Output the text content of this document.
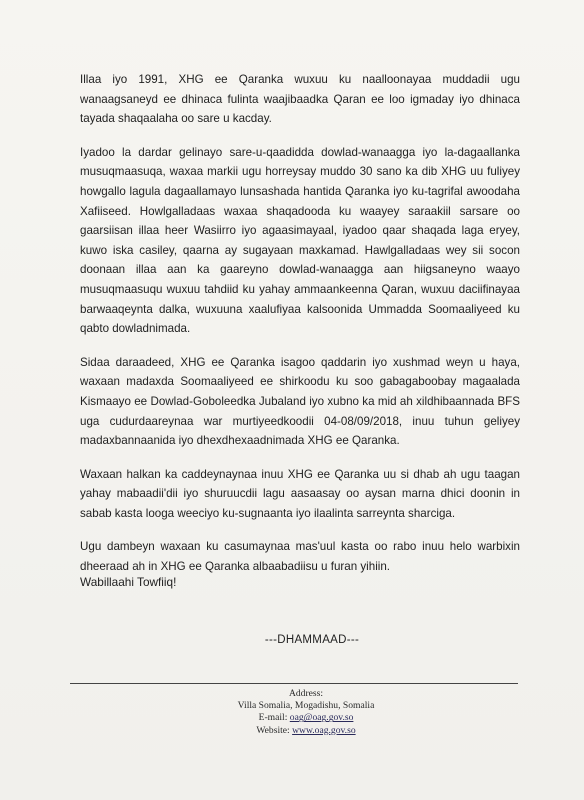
Illaa iyo 1991, XHG ee Qaranka wuxuu ku naalloonayaa muddadii ugu wanaagsaneyd ee dhinaca fulinta waajibaadka Qaran ee loo igmaday iyo dhinaca tayada shaqaalaha oo sare u kacday.

Iyadoo la dardar gelinayo sare-u-qaadidda dowlad-wanaagga iyo la-dagaallanka musuqmaasuqa, waxaa markii ugu horreysay muddo 30 sano ka dib XHG uu fuliyey howgallo lagula dagaallamayo lunsashada hantida Qaranka iyo ku-tagrifal awoodaha Xafiiseed. Howlgalladaas waxaa shaqadooda ku waayey saraakiil sarsare oo gaarsiisan illaa heer Wasiirro iyo agaasimayaal, iyadoo qaar shaqada laga eryey, kuwo iska casiley, qaarna ay sugayaan maxkamad. Hawlgalladaas wey sii socon doonaan illaa aan ka gaareyno dowlad-wanaagga aan hiigsaneyno waayo musuqmaasuqu wuxuu tahdiid ku yahay ammaankeenna Qaran, wuxuu daciifinayaa barwaaqeynta dalka, wuxuuna xaalufiyaa kalsoonida Ummadda Soomaaliyeed ku qabto dowladnimada.

Sidaa daraadeed, XHG ee Qaranka isagoo qaddarin iyo xushmad weyn u haya, waxaan madaxda Soomaaliyeed ee shirkoodu ku soo gabagaboobay magaalada Kismaayo ee Dowlad-Goboleedka Jubaland iyo xubno ka mid ah xildhibaannada BFS uga cudurdaareynaa war murtiyeedkoodii 04-08/09/2018, inuu tuhun geliyey madaxbannaanida iyo dhexdhexaadnimada XHG ee Qaranka.

Waxaan halkan ka caddeynaynaa inuu XHG ee Qaranka uu si dhab ah ugu taagan yahay mabaadii'dii iyo shuruucdii lagu aasaasay oo aysan marna dhici doonin in sabab kasta looga weeciyo ku-sugnaanta iyo ilaalinta sarreynta sharciga.

Ugu dambeyn waxaan ku casumaynaa mas'uul kasta oo rabo inuu helo warbixin dheeraad ah in XHG ee Qaranka albaabadiisu u furan yihiin.

Wabillaahi Towfiiq!
---DHAMMAAD---
Address:
Villa Somalia, Mogadishu, Somalia
E-mail: oag@oag.gov.so
Website: www.oag.gov.so
